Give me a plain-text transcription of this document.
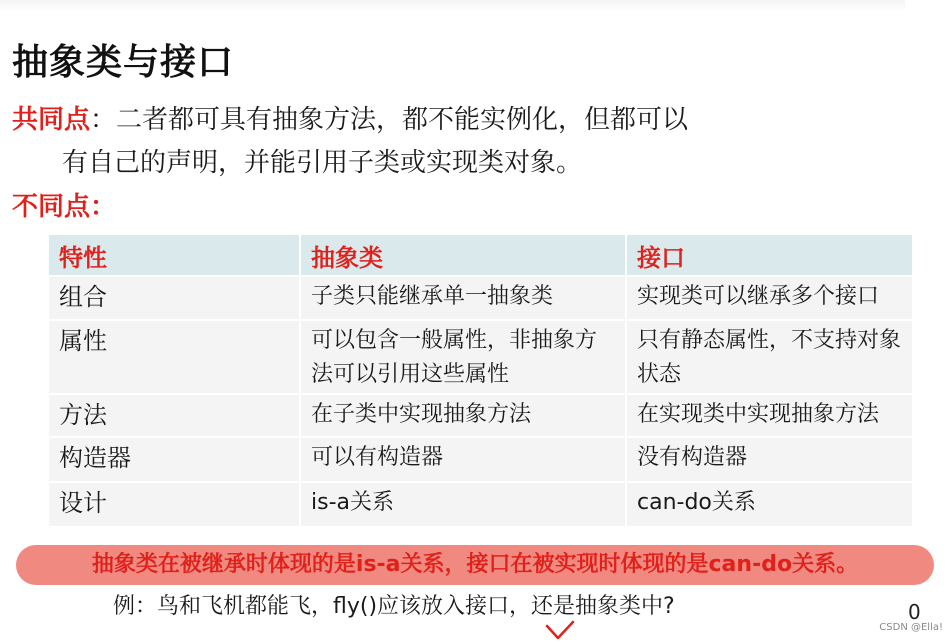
抽象类与接口
共同点：二者都可具有抽象方法，都不能实例化，但都可以
有自己的声明，并能引用子类或实现类对象。
不同点：
特性	抽象类	接口
组合	子类只能继承单一抽象类	实现类可以继承多个接口
属性	可以包含一般属性，非抽象方法可以引用这些属性	只有静态属性，不支持对象状态
方法	在子类中实现抽象方法	在实现类中实现抽象方法
构造器	可以有构造器	没有构造器
设计	is-a关系	can-do关系
抽象类在被继承时体现的是is-a关系，接口在被实现时体现的是can-do关系。
例：鸟和飞机都能飞，fly()应该放入接口，还是抽象类中?	0
CSDN @Ella!
